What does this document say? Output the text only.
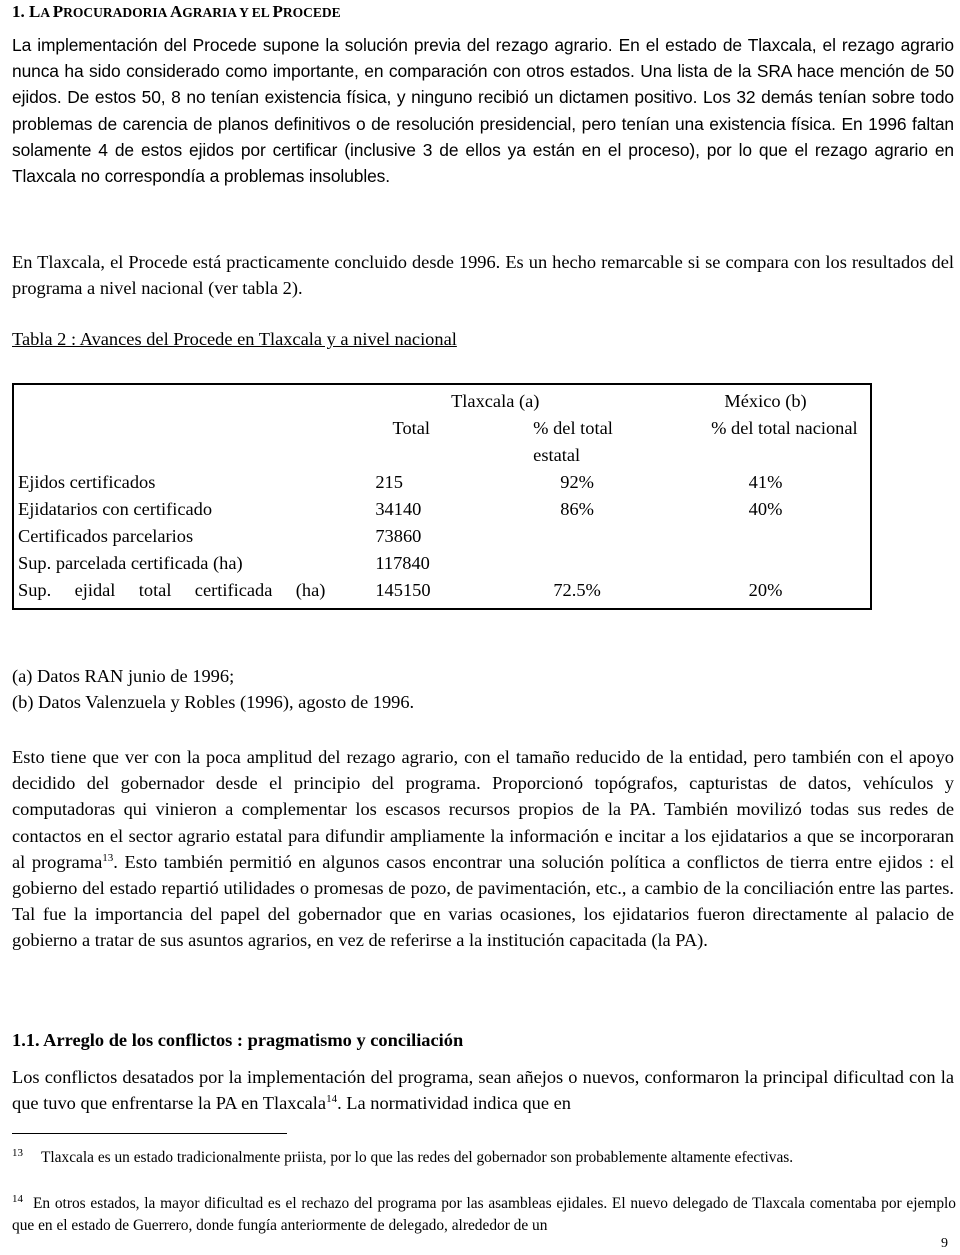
1. LA PROCURADORIA AGRARIA Y EL PROCEDE

La implementación del Procede supone la solución previa del rezago agrario. En el estado de Tlaxcala, el rezago agrario nunca ha sido considerado como importante, en comparación con otros estados. Una lista de la SRA hace mención de 50 ejidos. De estos 50, 8 no tenían existencia física, y ninguno recibió un dictamen positivo. Los 32 demás tenían sobre todo problemas de carencia de planos definitivos o de resolución presidencial, pero tenían una existencia física. En 1996 faltan solamente 4 de estos ejidos por certificar (inclusive 3 de ellos ya están en el proceso), por lo que el rezago agrario en Tlaxcala no correspondía a problemas insolubles.

En Tlaxcala, el Procede está practicamente concluido desde 1996. Es un hecho remarcable si se compara con los resultados del programa a nivel nacional (ver tabla 2).

Tabla 2 : Avances del Procede en Tlaxcala y a nivel nacional
	Tlaxcala (a)		México (b)
	Total	% del total estatal	% del total nacional
Ejidos certificados	215	92%	41%
Ejidatarios con certificado	34140	86%	40%
Certificados parcelarios	73860		
Sup. parcelada certificada (ha)	117840		
Sup. ejidal total certificada (ha)	145150	72.5%	20%
(a) Datos RAN junio de 1996;
(b) Datos Valenzuela y Robles (1996), agosto de 1996.

Esto tiene que ver con la poca amplitud del rezago agrario, con el tamaño reducido de la entidad, pero también con el apoyo decidido del gobernador desde el principio del programa. Proporcionó topógrafos, capturistas de datos, vehículos y computadoras qui vinieron a complementar los escasos recursos propios de la PA. También movilizó todas sus redes de contactos en el sector agrario estatal para difundir ampliamente la información e incitar a los ejidatarios a que se incorporaran al programa$^{13}$. Esto también permitió en algunos casos encontrar una solución política a conflictos de tierra entre ejidos : el gobierno del estado repartió utilidades o promesas de pozo, de pavimentación, etc., a cambio de la conciliación entre las partes. Tal fue la importancia del papel del gobernador que en varias ocasiones, los ejidatarios fueron directamente al palacio de gobierno a tratar de sus asuntos agrarios, en vez de referirse a la institución capacitada (la PA).

1.1. Arreglo de los conflictos : pragmatismo y conciliación

Los conflictos desatados por la implementación del programa, sean añejos o nuevos, conformaron la principal dificultad con la que tuvo que enfrentarse la PA en Tlaxcala$^{14}$. La normatividad indica que en

$^{13}$ Tlaxcala es un estado tradicionalmente priista, por lo que las redes del gobernador son probablemente altamente efectivas.

$^{14}$ En otros estados, la mayor dificultad es el rechazo del programa por las asambleas ejidales. El nuevo delegado de Tlaxcala comentaba por ejemplo que en el estado de Guerrero, donde fungía anteriormente de delegado, alrededor de un

9
